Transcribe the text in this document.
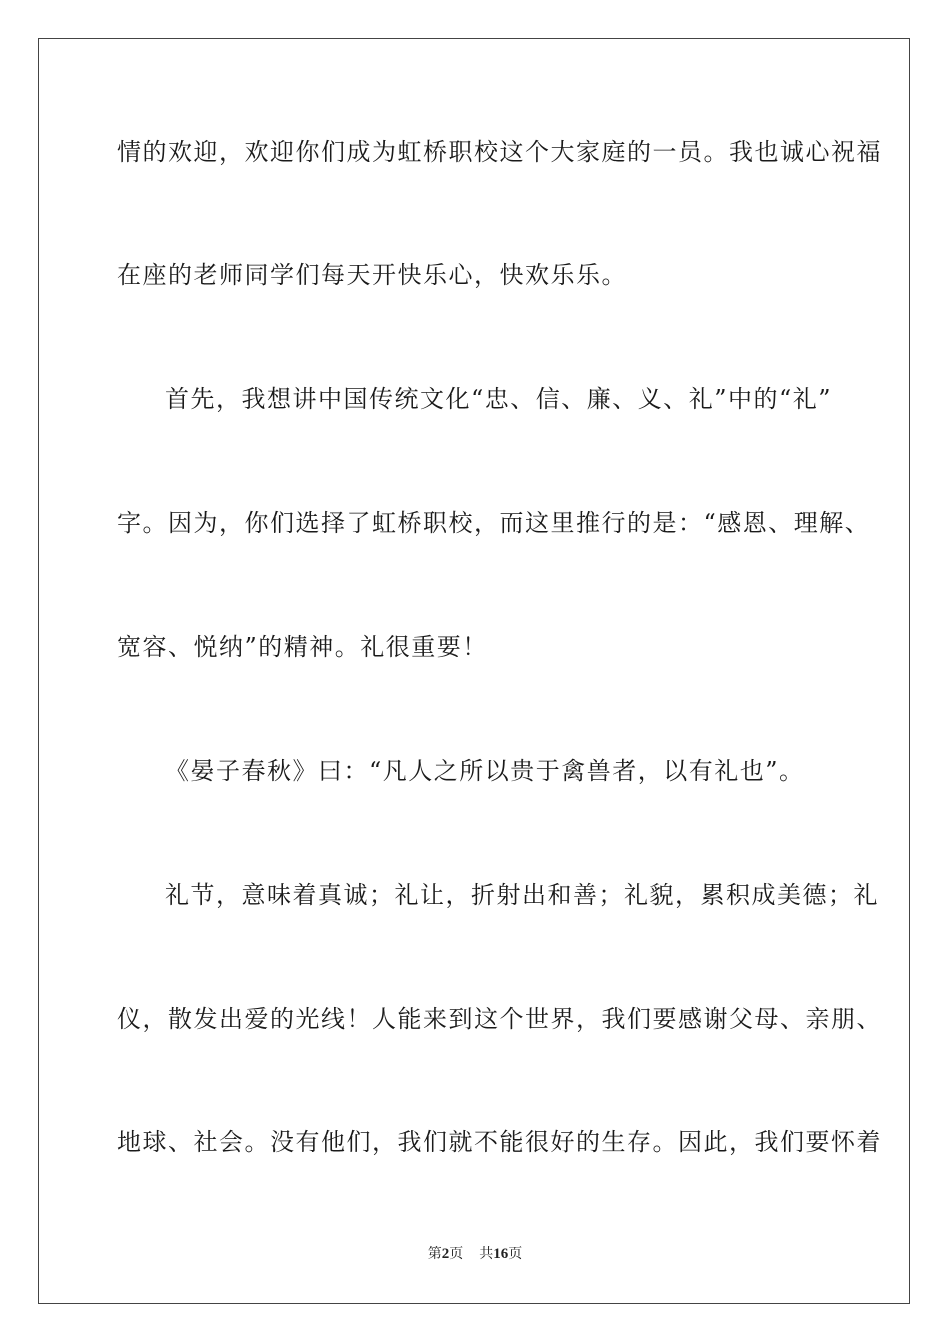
情的欢迎，欢迎你们成为虹桥职校这个大家庭的一员。我也诚心祝福
在座的老师同学们每天开快乐心，快欢乐乐。
首先，我想讲中国传统文化“忠、信、廉、义、礼”中的“礼”
字。因为，你们选择了虹桥职校，而这里推行的是：“感恩、理解、
宽容、悦纳”的精神。礼很重要！
《晏子春秋》曰：“凡人之所以贵于禽兽者，以有礼也”。
礼节，意味着真诚；礼让，折射出和善；礼貌，累积成美德；礼
仪，散发出爱的光线！人能来到这个世界，我们要感谢父母、亲朋、
地球、社会。没有他们，我们就不能很好的生存。因此，我们要怀着
第2页 共16页
